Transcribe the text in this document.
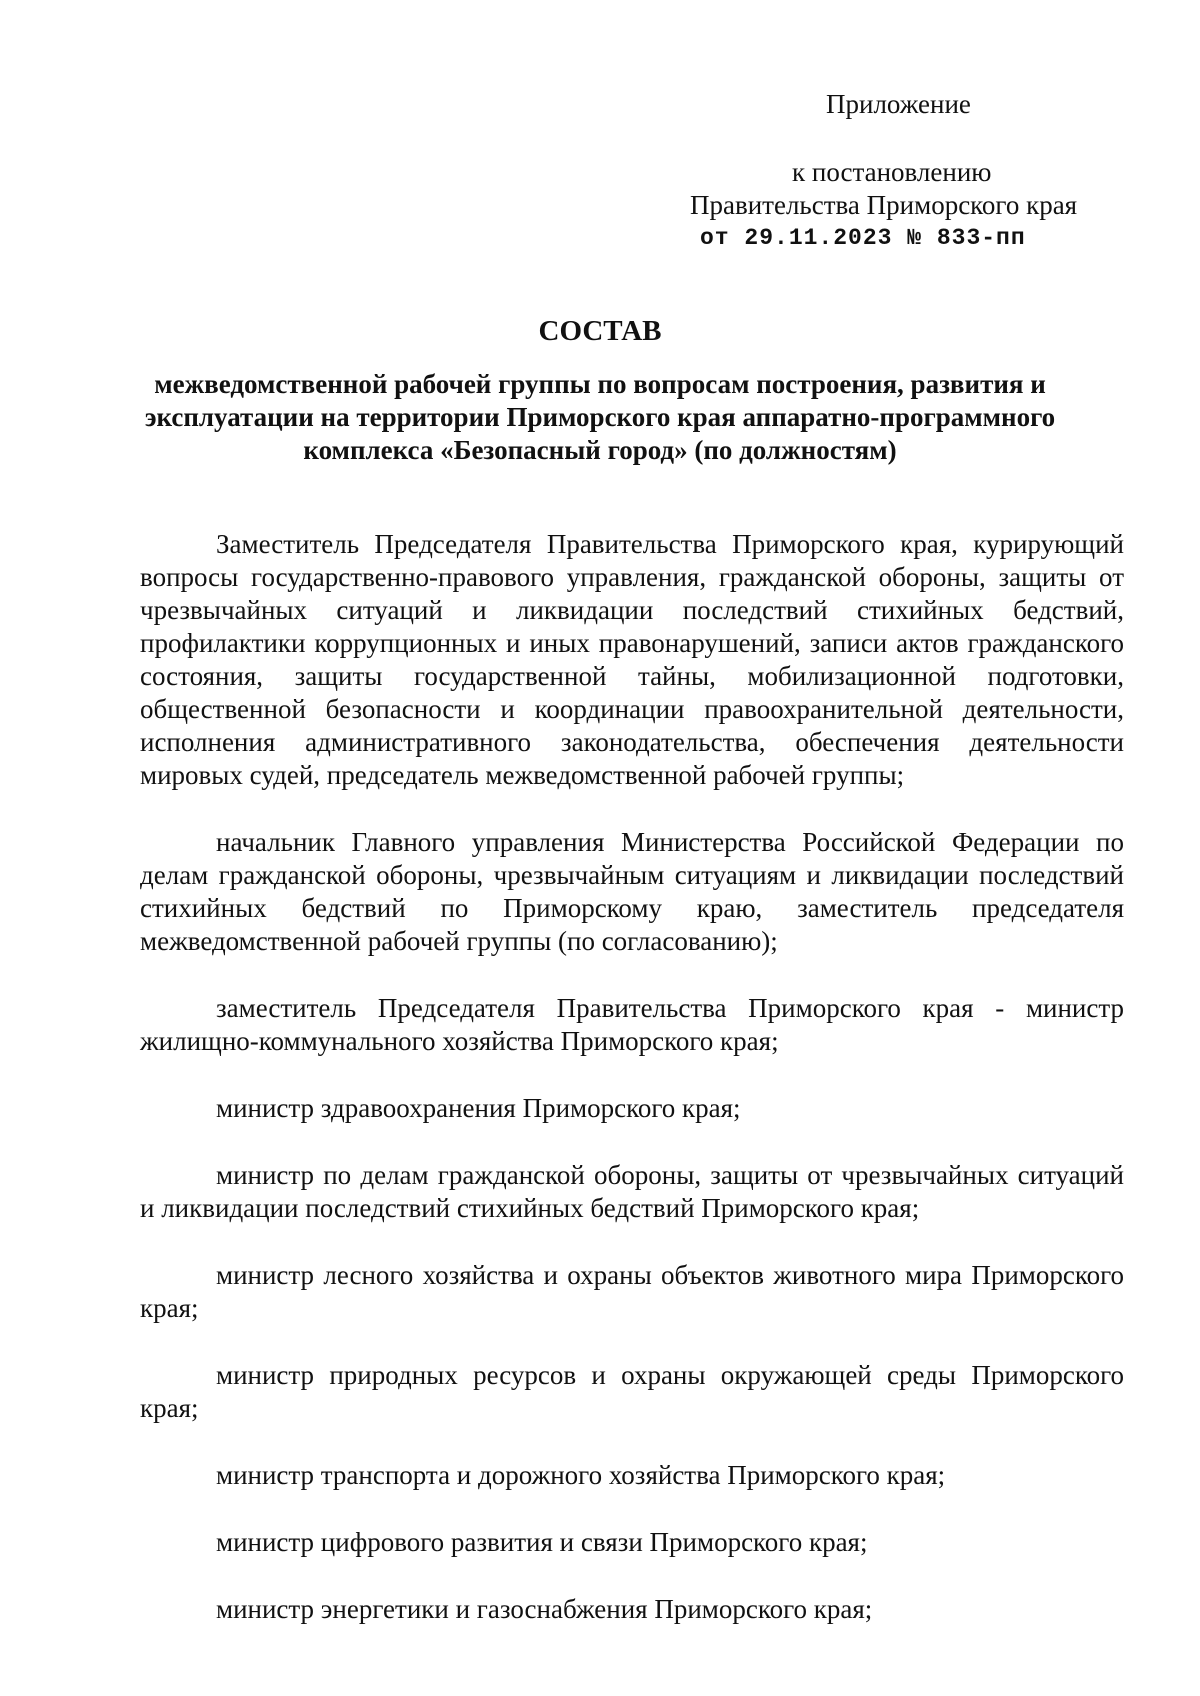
Приложение
к постановлению
Правительства Приморского края
от 29.11.2023 № 833-пп
СОСТАВ
межведомственной рабочей группы по вопросам построения, развития и эксплуатации на территории Приморского края аппаратно-программного комплекса «Безопасный город» (по должностям)
Заместитель Председателя Правительства Приморского края, курирующий вопросы государственно-правового управления, гражданской обороны, защиты от чрезвычайных ситуаций и ликвидации последствий стихийных бедствий, профилактики коррупционных и иных правонарушений, записи актов гражданского состояния, защиты государственной тайны, мобилизационной подготовки, общественной безопасности и координации правоохранительной деятельности, исполнения административного законодательства, обеспечения деятельности мировых судей, председатель межведомственной рабочей группы;
начальник Главного управления Министерства Российской Федерации по делам гражданской обороны, чрезвычайным ситуациям и ликвидации последствий стихийных бедствий по Приморскому краю, заместитель председателя межведомственной рабочей группы (по согласованию);
заместитель Председателя Правительства Приморского края - министр жилищно-коммунального хозяйства Приморского края;
министр здравоохранения Приморского края;
министр по делам гражданской обороны, защиты от чрезвычайных ситуаций и ликвидации последствий стихийных бедствий Приморского края;
министр лесного хозяйства и охраны объектов животного мира Приморского края;
министр природных ресурсов и охраны окружающей среды Приморского края;
министр транспорта и дорожного хозяйства Приморского края;
министр цифрового развития и связи Приморского края;
министр энергетики и газоснабжения Приморского края;
